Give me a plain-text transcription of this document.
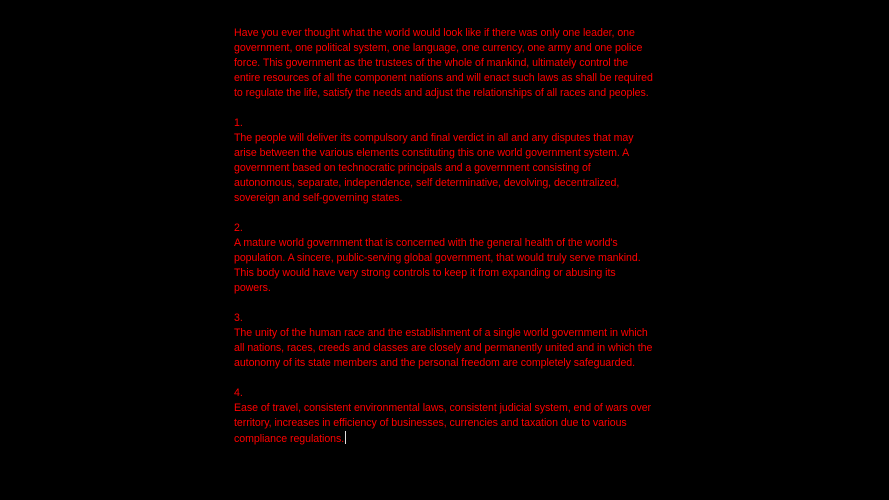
Have you ever thought what the world would look like if there was only one leader, one government, one political system, one language, one currency, one army and one police force. This government as the trustees of the whole of mankind, ultimately control the entire resources of all the component nations and will enact such laws as shall be required to regulate the life, satisfy the needs and adjust the relationships of all races and peoples.

1.
The people will deliver its compulsory and final verdict in all and any disputes that may arise between the various elements constituting this one world government system. A government based on technocratic principals and a government consisting of autonomous, separate, independence, self determinative, devolving, decentralized, sovereign and self-governing states.

2.
A mature world government that is concerned with the general health of the world's population. A sincere, public-serving global government, that would truly serve mankind. This body would have very strong controls to keep it from expanding or abusing its powers.

3.
The unity of the human race and the establishment of a single world government in which all nations, races, creeds and classes are closely and permanently united and in which the autonomy of its state members and the personal freedom are completely safeguarded.

4.
Ease of travel, consistent environmental laws, consistent judicial system, end of wars over territory, increases in efficiency of businesses, currencies and taxation due to various compliance regulations.
